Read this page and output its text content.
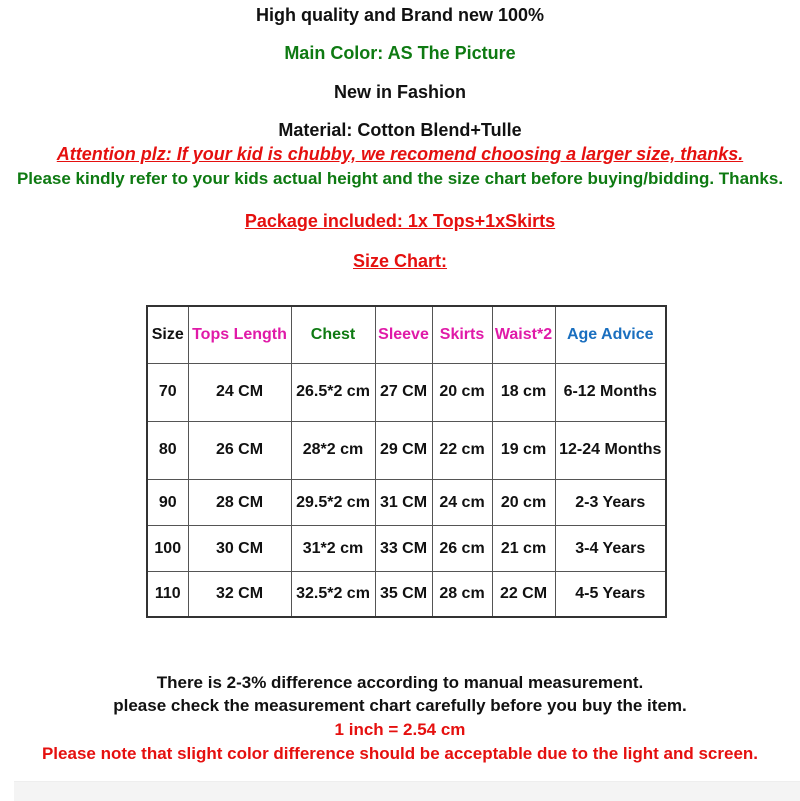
High quality and Brand new 100%
Main Color: AS The Picture
New in Fashion
Material: Cotton Blend+Tulle
Attention plz: If your kid is chubby, we recomend choosing a larger size, thanks.
Please kindly refer to your kids actual height and the size chart before buying/bidding. Thanks.
Package included: 1x Tops+1xSkirts
Size Chart:
Size	Tops Length	Chest	Sleeve	Skirts	Waist*2	Age Advice
70	24 CM	26.5*2 cm	27 CM	20 cm	18 cm	6-12 Months
80	26 CM	28*2 cm	29 CM	22 cm	19 cm	12-24 Months
90	28 CM	29.5*2 cm	31 CM	24 cm	20 cm	2-3 Years
100	30 CM	31*2 cm	33 CM	26 cm	21 cm	3-4 Years
110	32 CM	32.5*2 cm	35 CM	28 cm	22 CM	4-5 Years
There is 2-3% difference according to manual measurement.
please check the measurement chart carefully before you buy the item.
1 inch = 2.54 cm
Please note that slight color difference should be acceptable due to the light and screen.
